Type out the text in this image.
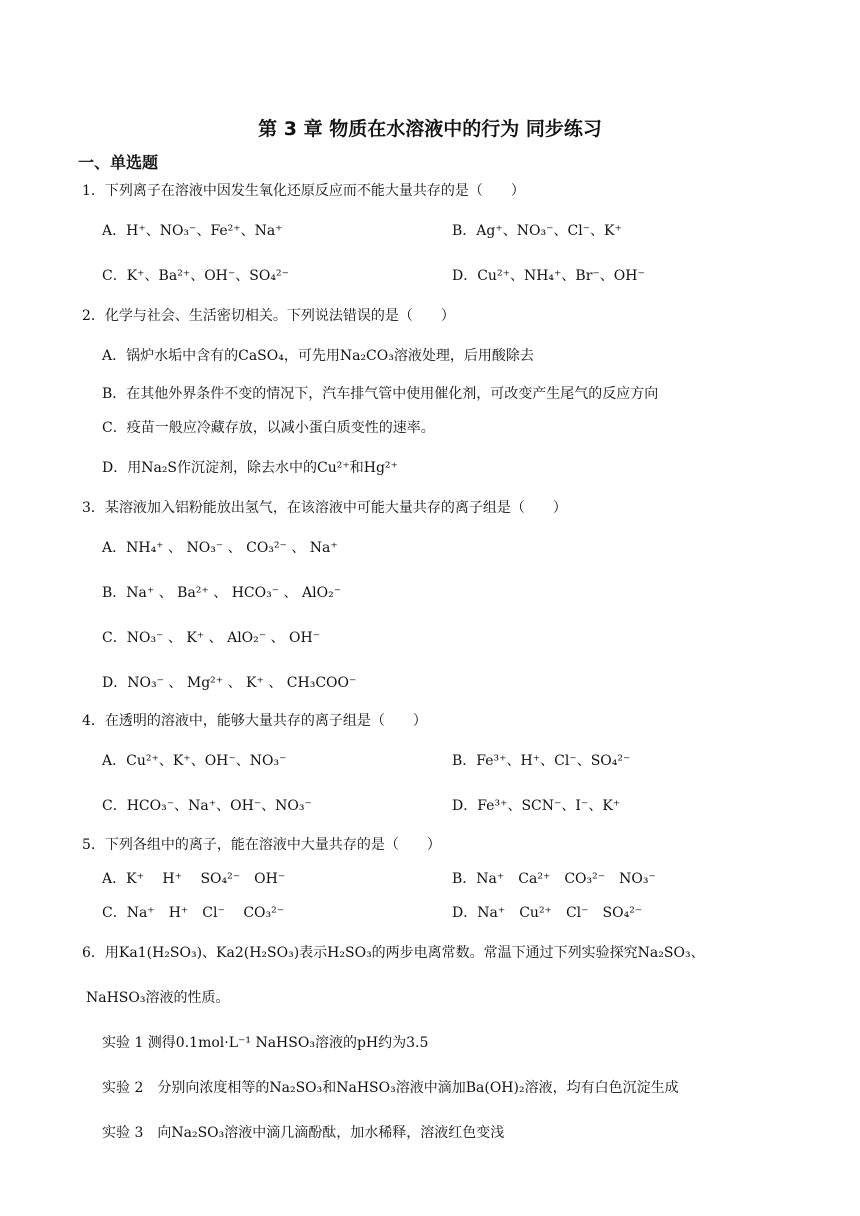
第 3 章 物质在水溶液中的行为 同步练习
一、单选题
1．下列离子在溶液中因发生氧化还原反应而不能大量共存的是（　　）
A．H⁺、NO₃⁻、Fe²⁺、Na⁺	B．Ag⁺、NO₃⁻、Cl⁻、K⁺
C．K⁺、Ba²⁺、OH⁻、SO₄²⁻	D．Cu²⁺、NH₄⁺、Br⁻、OH⁻
2．化学与社会、生活密切相关。下列说法错误的是（　　）
A．锅炉水垢中含有的CaSO₄，可先用Na₂CO₃溶液处理，后用酸除去
B．在其他外界条件不变的情况下，汽车排气管中使用催化剂，可改变产生尾气的反应方向
C．疫苗一般应冷藏存放，以减小蛋白质变性的速率。
D．用Na₂S作沉淀剂，除去水中的Cu²⁺和Hg²⁺
3．某溶液加入铝粉能放出氢气，在该溶液中可能大量共存的离子组是（　　）
A．NH₄⁺ 、 NO₃⁻ 、 CO₃²⁻ 、 Na⁺
B．Na⁺ 、 Ba²⁺ 、 HCO₃⁻ 、 AlO₂⁻
C．NO₃⁻ 、 K⁺ 、 AlO₂⁻ 、 OH⁻
D．NO₃⁻ 、 Mg²⁺ 、 K⁺ 、 CH₃COO⁻
4．在透明的溶液中，能够大量共存的离子组是（　　）
A．Cu²⁺、K⁺、OH⁻、NO₃⁻	B．Fe³⁺、H⁺、Cl⁻、SO₄²⁻
C．HCO₃⁻、Na⁺、OH⁻、NO₃⁻	D．Fe³⁺、SCN⁻、I⁻、K⁺
5．下列各组中的离子，能在溶液中大量共存的是（　　）
A．K⁺　 H⁺　 SO₄²⁻　OH⁻	B．Na⁺　Ca²⁺　CO₃²⁻　NO₃⁻
C．Na⁺　H⁺　Cl⁻　 CO₃²⁻	D．Na⁺　Cu²⁺　Cl⁻　SO₄²⁻
6．用Ka1(H₂SO₃)、Ka2(H₂SO₃)表示H₂SO₃的两步电离常数。常温下通过下列实验探究Na₂SO₃、
NaHSO₃溶液的性质。
实验 1 测得0.1mol·L⁻¹ NaHSO₃溶液的pH约为3.5
实验 2　分别向浓度相等的Na₂SO₃和NaHSO₃溶液中滴加Ba(OH)₂溶液，均有白色沉淀生成
实验 3　向Na₂SO₃溶液中滴几滴酚酞，加水稀释，溶液红色变浅
